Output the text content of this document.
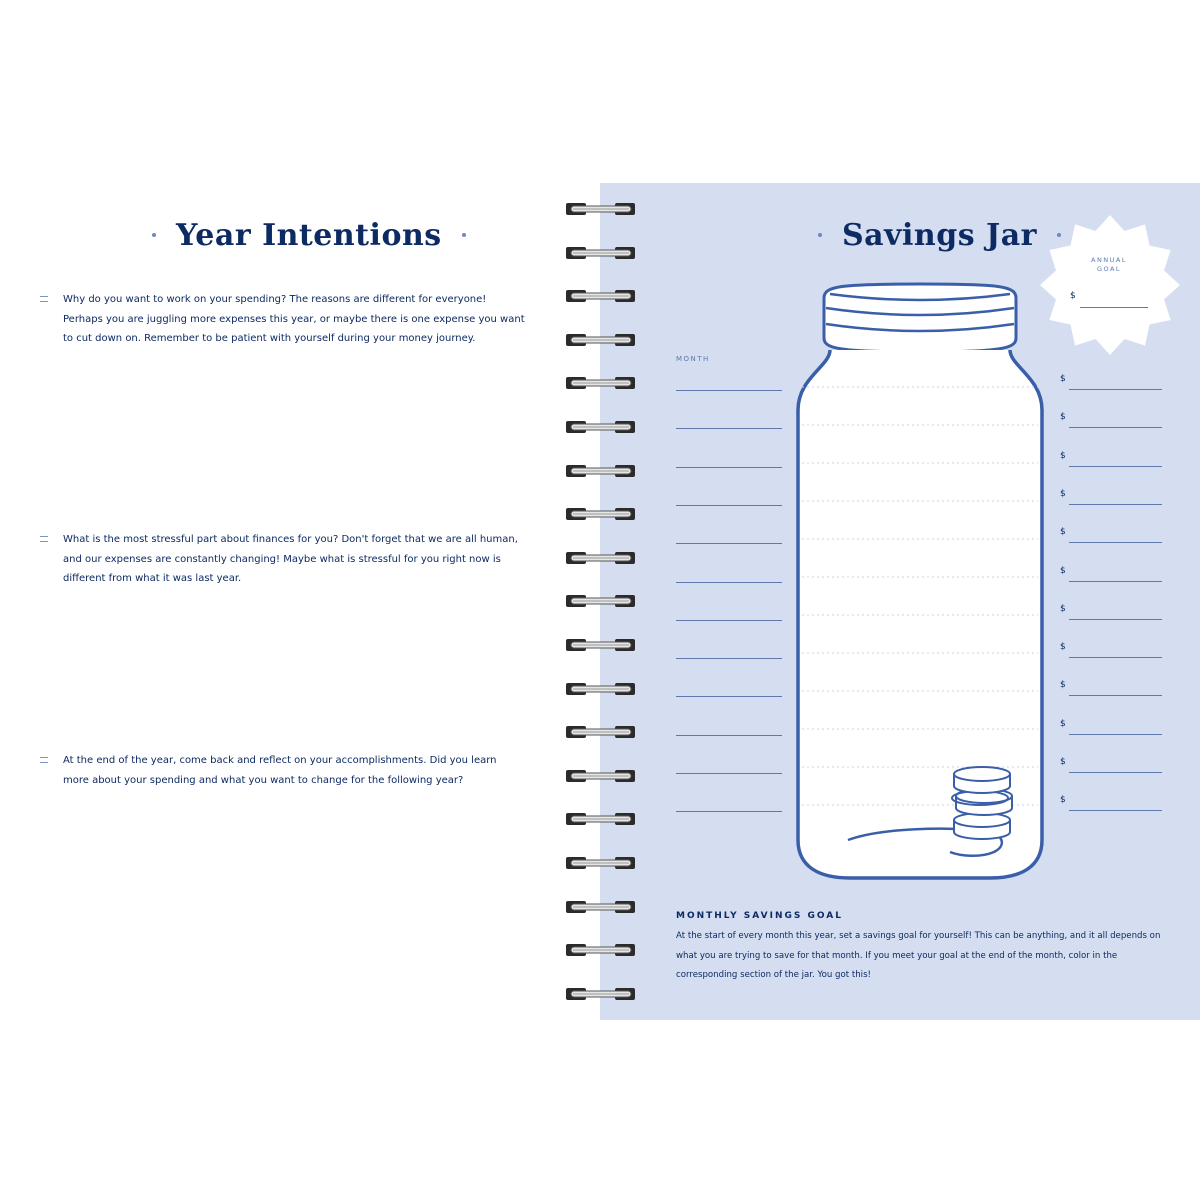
Year Intentions
Why do you want to work on your spending? The reasons are different for everyone! Perhaps you are juggling more expenses this year, or maybe there is one expense you want to cut down on. Remember to be patient with yourself during your money journey.
What is the most stressful part about finances for you? Don't forget that we are all human, and our expenses are constantly changing! Maybe what is stressful for you right now is different from what it was last year.
At the end of the year, come back and reflect on your accomplishments. Did you learn more about your spending and what you want to change for the following year?
Savings Jar
ANNUAL GOAL
$
MONTH
$
$
$
$
$
$
$
$
$
$
$
$
MONTHLY SAVINGS GOAL
At the start of every month this year, set a savings goal for yourself! This can be anything, and it all depends on what you are trying to save for that month. If you meet your goal at the end of the month, color in the corresponding section of the jar. You got this!
